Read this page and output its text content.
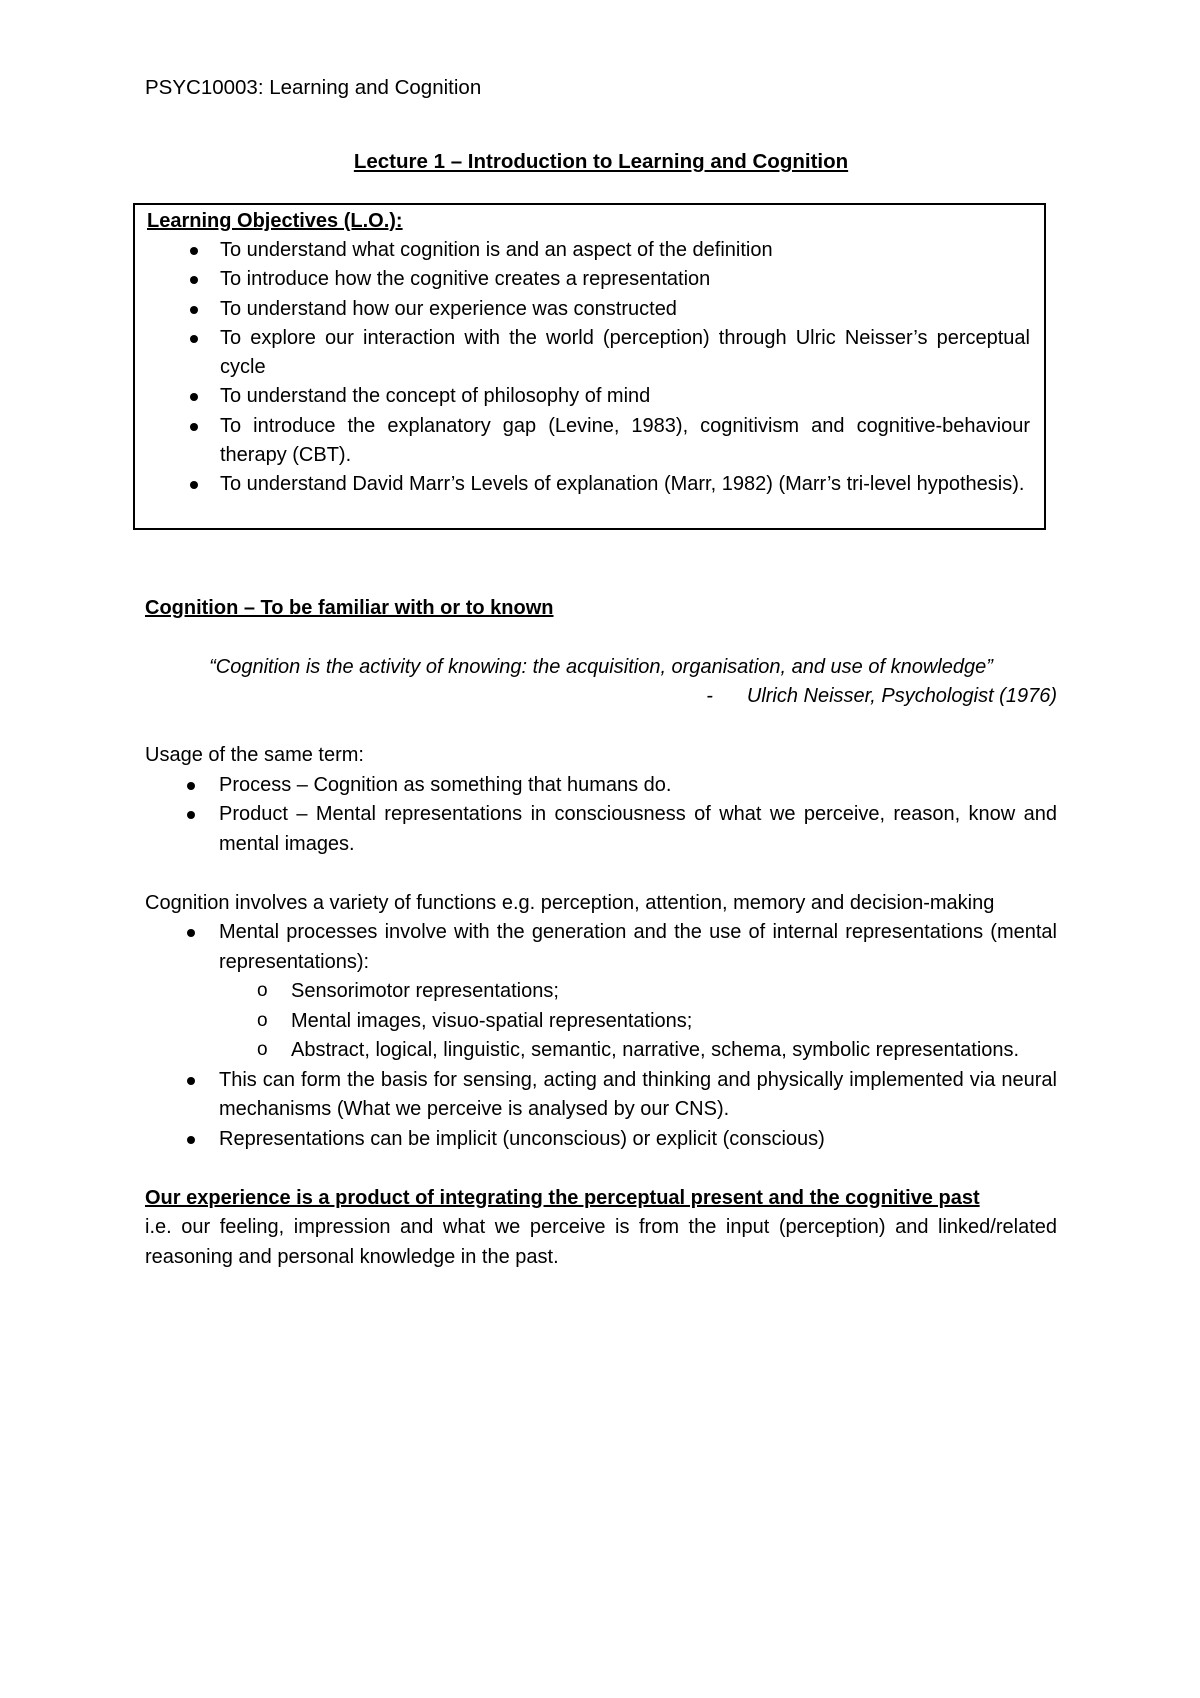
PSYC10003: Learning and Cognition
Lecture 1 – Introduction to Learning and Cognition
Learning Objectives (L.O.):
To understand what cognition is and an aspect of the definition
To introduce how the cognitive creates a representation
To understand how our experience was constructed
To explore our interaction with the world (perception) through Ulric Neisser’s perceptual cycle
To understand the concept of philosophy of mind
To introduce the explanatory gap (Levine, 1983), cognitivism and cognitive-behaviour therapy (CBT).
To understand David Marr’s Levels of explanation (Marr, 1982) (Marr’s tri-level hypothesis).
Cognition – To be familiar with or to known
“Cognition is the activity of knowing: the acquisition, organisation, and use of knowledge”
- Ulrich Neisser, Psychologist (1976)
Usage of the same term:
Process – Cognition as something that humans do.
Product – Mental representations in consciousness of what we perceive, reason, know and mental images.
Cognition involves a variety of functions e.g. perception, attention, memory and decision-making
Mental processes involve with the generation and the use of internal representations (mental representations):
o Sensorimotor representations;
o Mental images, visuo-spatial representations;
o Abstract, logical, linguistic, semantic, narrative, schema, symbolic representations.
This can form the basis for sensing, acting and thinking and physically implemented via neural mechanisms (What we perceive is analysed by our CNS).
Representations can be implicit (unconscious) or explicit (conscious)
Our experience is a product of integrating the perceptual present and the cognitive past
i.e. our feeling, impression and what we perceive is from the input (perception) and linked/related reasoning and personal knowledge in the past.
